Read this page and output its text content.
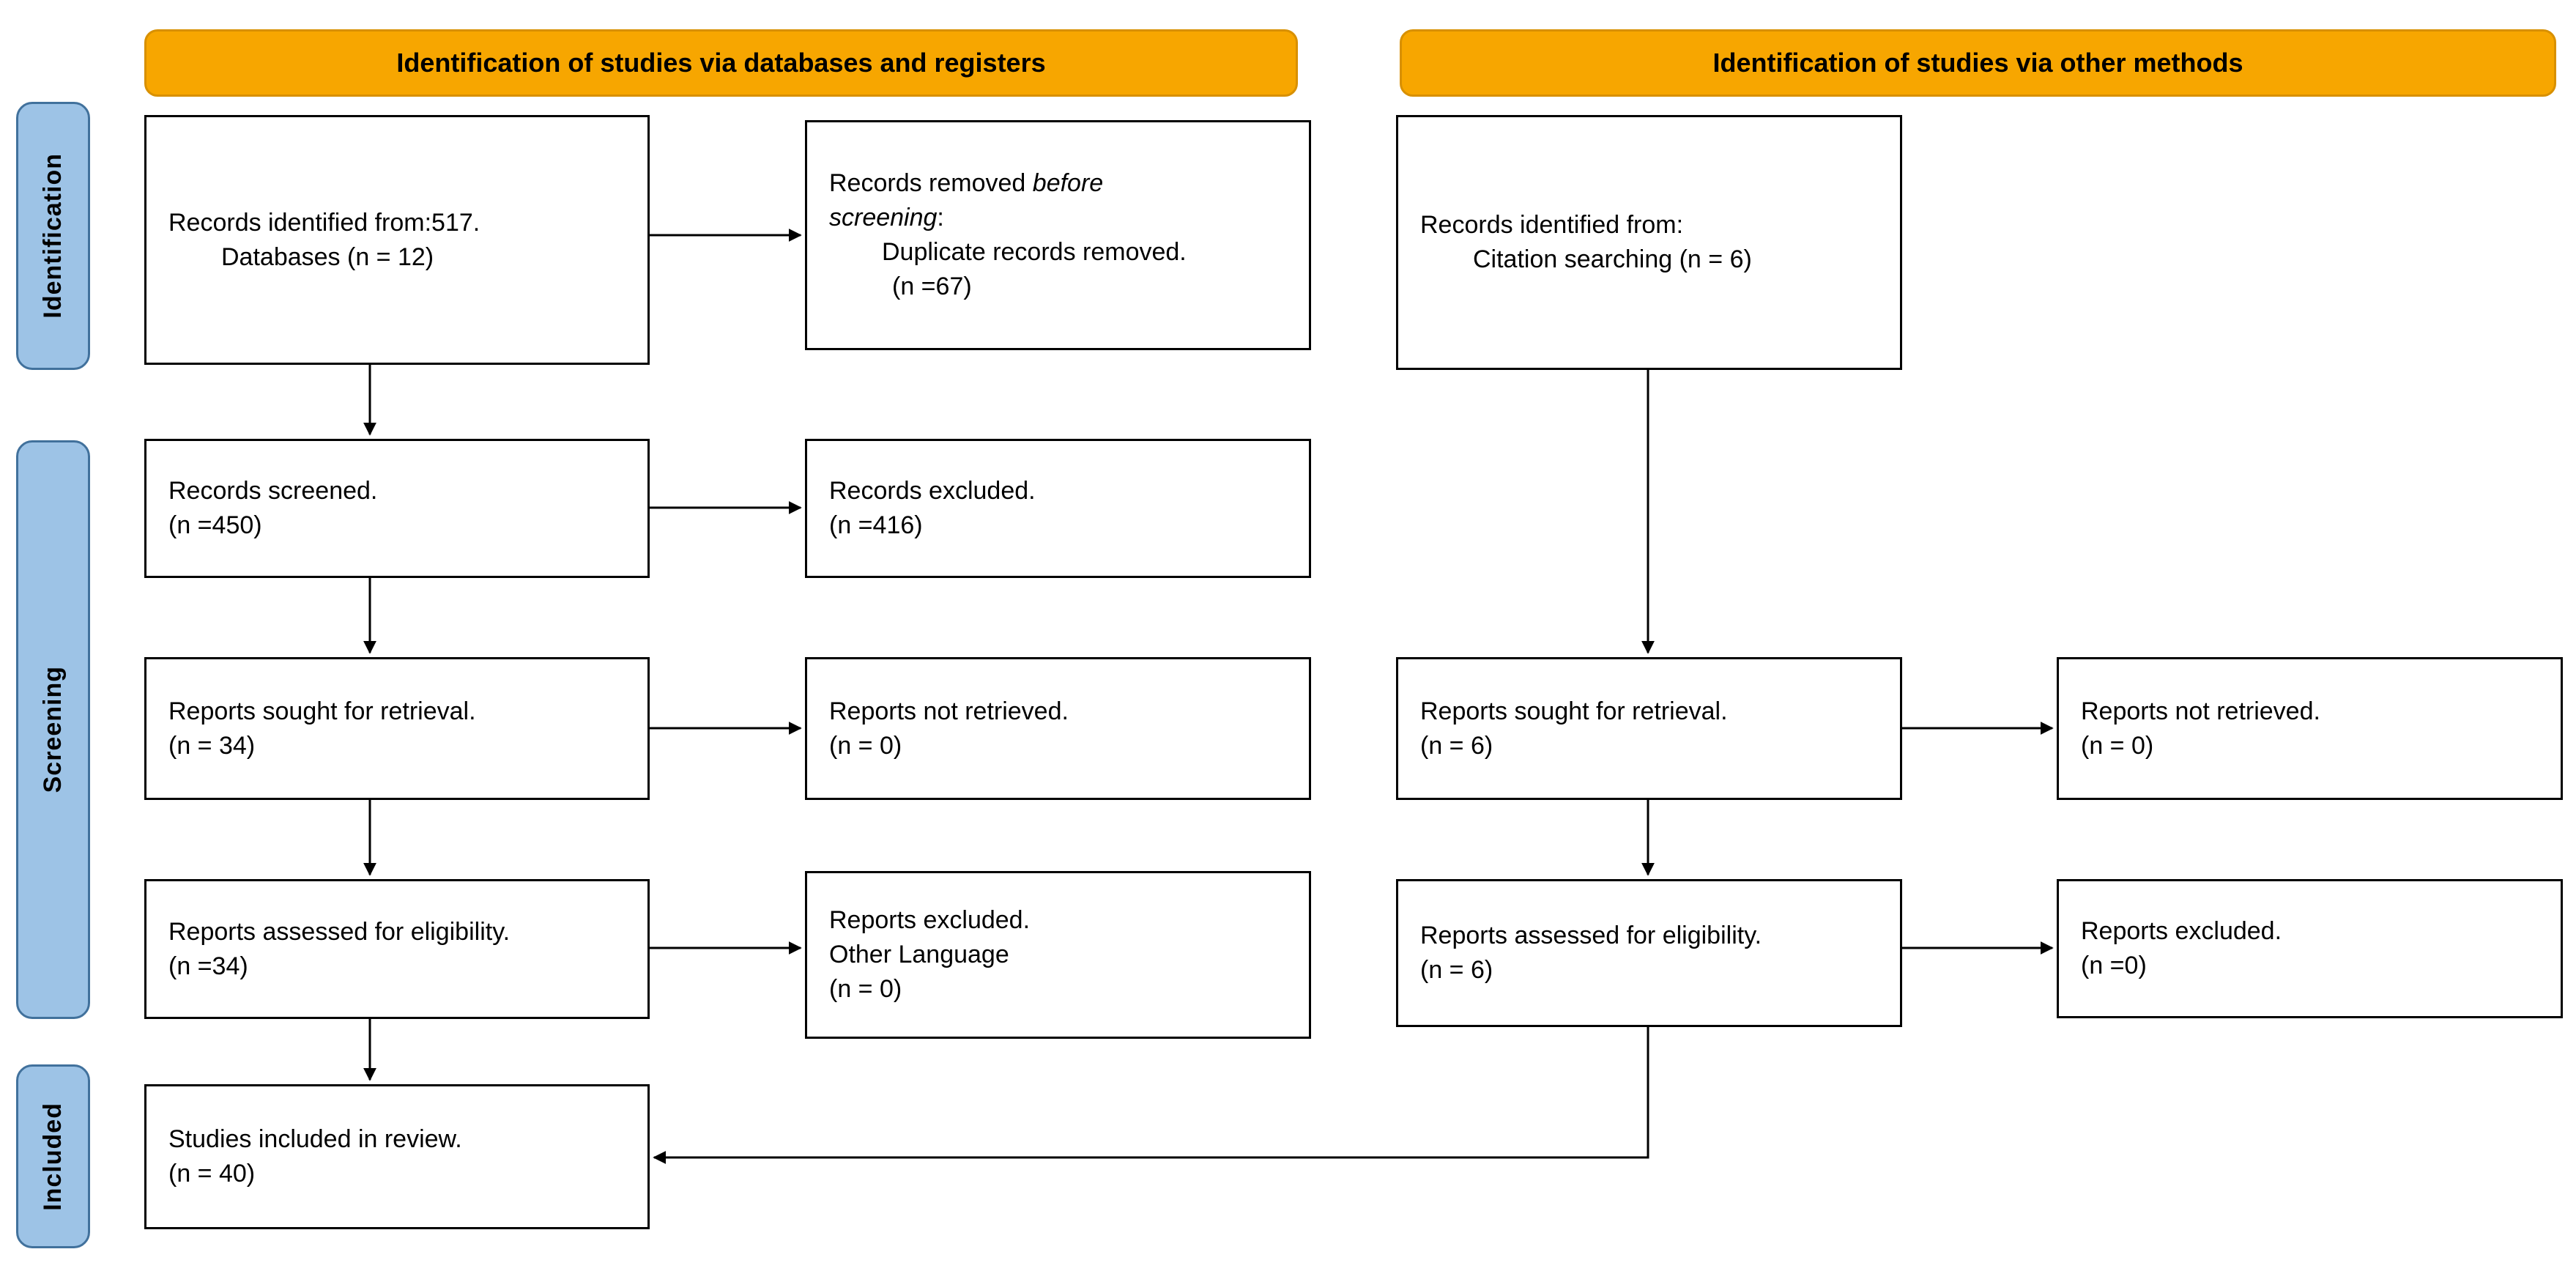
Identification of studies via databases and registers	Identification of studies via other methods
Identification
Screening
Included
Records identified from:517.
Databases (n = 12)
Records removed before
screening:
Duplicate records removed.
(n =67)
Records screened.
(n =450)
Records excluded.
(n =416)
Reports sought for retrieval.
(n = 34)
Reports not retrieved.
(n = 0)
Reports assessed for eligibility.
(n =34)
Reports excluded.
Other Language
(n = 0)
Studies included in review.
(n = 40)
Records identified from:
Citation searching (n = 6)
Reports sought for retrieval.
(n = 6)
Reports not retrieved.
(n = 0)
Reports assessed for eligibility.
(n = 6)
Reports excluded.
(n =0)
